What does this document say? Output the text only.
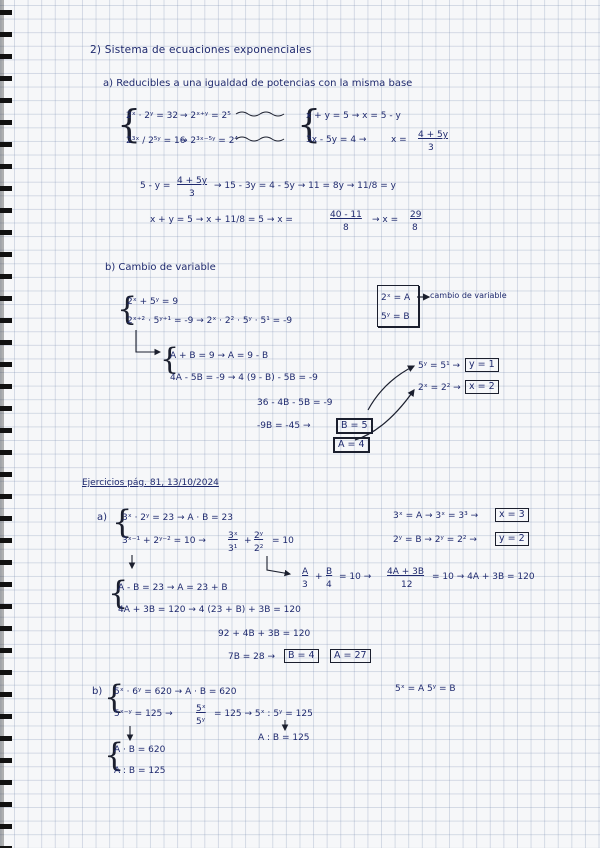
2) Sistema de ecuaciones exponenciales
a) Reducibles a una igualdad de potencias con la misma base
{
2ˣ · 2ʸ = 32
2³ˣ / 2⁵ʸ = 16
→ 2ˣ⁺ʸ = 2⁵
→ 2³ˣ⁻⁵ʸ = 2⁴ {
x + y = 5 → x = 5 - y
3x - 5y = 4 →	x = 4 + 5y
3
5 - y = 4 + 5y
3
→ 15 - 3y = 4 - 5y → 11 = 8y → 11/8 = y
x + y = 5 → x + 11/8 = 5 → x =	40 - 11
8
→ x = 29
8
b) Cambio de variable
{
2ˣ + 5ʸ = 9
2ˣ⁺² · 5ʸ⁺¹ = -9 → 2ˣ · 2² · 5ʸ · 5¹ = -9
2ˣ = A
5ʸ = B
cambio de variable
{
A + B = 9 → A = 9 - B
4A - 5B = -9 → 4 (9 - B) - 5B = -9
36 - 4B - 5B = -9
-9B = -45 →	B = 5
A = 4
5ʸ = 5¹ → y = 1
2ˣ = 2² → x = 2
Ejercicios pág. 81, 13/10/2024
a) {
3ˣ · 2ʸ = 23 → A · B = 23
3ˣ⁻¹ + 2ʸ⁻² = 10 → 3ˣ
3¹
+ 2ʸ
2²
= 10
3ˣ = A → 3ˣ = 3³ →	x = 3
2ʸ = B → 2ʸ = 2² →	y = 2
A
3
+ B
4
= 10 → 4A + 3B
12
= 10 → 4A + 3B = 120
{
A - B = 23 → A = 23 + B
4A + 3B = 120 → 4 (23 + B) + 3B = 120
92 + 4B + 3B = 120
7B = 28 →	B = 4	A = 27
b) {
5ˣ · 6ʸ = 620 → A · B = 620
5ˣ⁻ʸ = 125 →	5ˣ
5ʸ
= 125 → 5ˣ : 5ʸ = 125
A : B = 125
5ˣ = A 5ʸ = B
{
A · B = 620
A : B = 125
